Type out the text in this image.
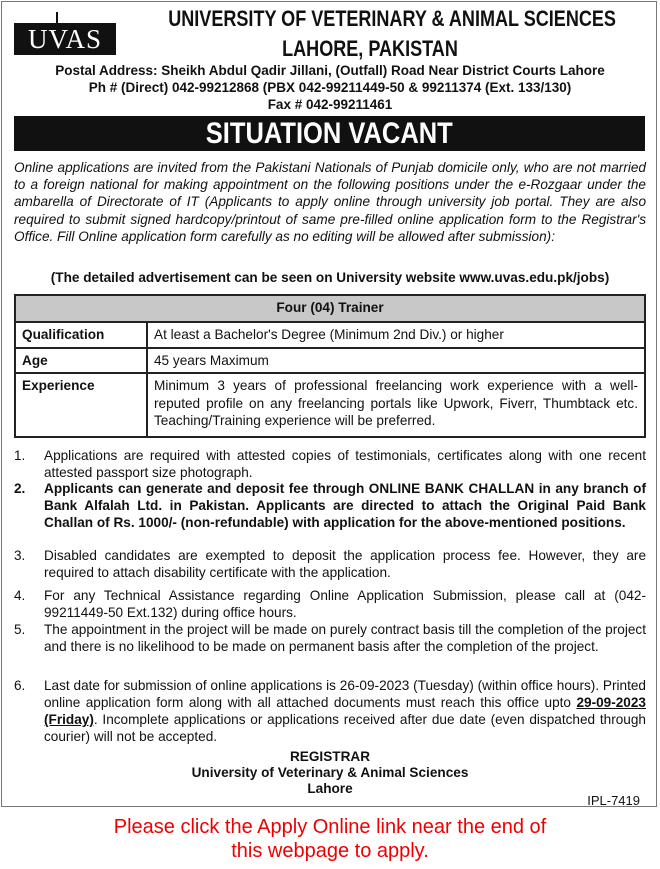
UVAS
UNIVERSITY OF VETERINARY & ANIMAL SCIENCES
LAHORE, PAKISTAN
Postal Address: Sheikh Abdul Qadir Jillani, (Outfall) Road Near District Courts Lahore
Ph # (Direct) 042-99212868 (PBX 042-99211449-50 & 99211374 (Ext. 133/130)
Fax # 042-99211461
SITUATION VACANT
Online applications are invited from the Pakistani Nationals of Punjab domicile only, who are not married to a foreign national for making appointment on the following positions under the e-Rozgaar under the ambarella of Directorate of IT (Applicants to apply online through university job portal. They are also required to submit signed hardcopy/printout of same pre-filled online application form to the Registrar's Office. Fill Online application form carefully as no editing will be allowed after submission):
(The detailed advertisement can be seen on University website www.uvas.edu.pk/jobs)
Four (04) Trainer	
Qualification	At least a Bachelor's Degree (Minimum 2nd Div.) or higher
Age	45 years Maximum
Experience	Minimum 3 years of professional freelancing work experience with a well-reputed profile on any freelancing portals like Upwork, Fiverr, Thumbtack etc. Teaching/Training experience will be preferred.
1. Applications are required with attested copies of testimonials, certificates along with one recent attested passport size photograph.
2. Applicants can generate and deposit fee through ONLINE BANK CHALLAN in any branch of Bank Alfalah Ltd. in Pakistan. Applicants are directed to attach the Original Paid Bank Challan of Rs. 1000/- (non-refundable) with application for the above-mentioned positions.
3. Disabled candidates are exempted to deposit the application process fee. However, they are required to attach disability certificate with the application.
4. For any Technical Assistance regarding Online Application Submission, please call at (042-99211449-50 Ext.132) during office hours.
5. The appointment in the project will be made on purely contract basis till the completion of the project and there is no likelihood to be made on permanent basis after the completion of the project.
6. Last date for submission of online applications is 26-09-2023 (Tuesday) (within office hours). Printed online application form along with all attached documents must reach this office upto 29-09-2023 (Friday). Incomplete applications or applications received after due date (even dispatched through courier) will not be accepted.
REGISTRAR
University of Veterinary & Animal Sciences
Lahore
IPL-7419
Please click the Apply Online link near the end of
this webpage to apply.
